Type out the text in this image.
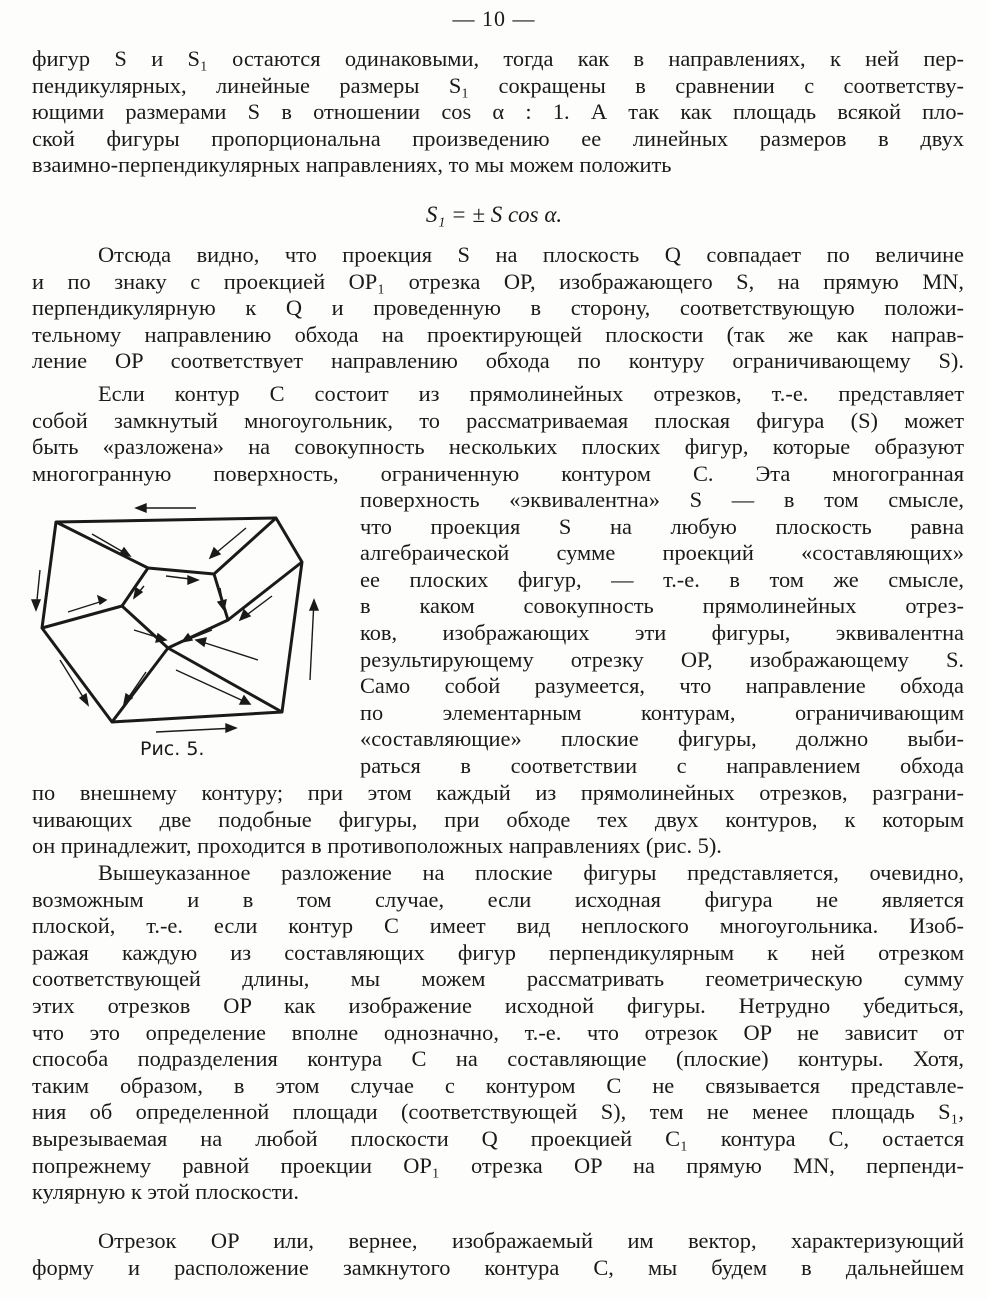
— 10 —
фигур S и S₁ остаются одинаковыми, тогда как в направлениях, к ней пер-
пендикулярных, линейные размеры S₁ сокращены в сравнении с соответству-
ющими размерами S в отношении cos α : 1. А так как площадь всякой пло-
ской фигуры пропорциональна произведению ее линейных размеров в двух
взаимно-перпендикулярных направлениях, то мы можем положить
S₁ = ± S cos α.
Отсюда видно, что проекция S на плоскость Q совпадает по величине
и по знаку с проекцией OP₁ отрезка OP, изображающего S, на прямую MN,
перпендикулярную к Q и проведенную в сторону, соответствующую положи-
тельному направлению обхода на проектирующей плоскости (так же как направ-
ление OP соответствует направлению обхода по контуру ограничивающему S).
Если контур C состоит из прямолинейных отрезков, т.-е. представляет
собой замкнутый многоугольник, то рассматриваемая плоская фигура (S) может
быть «разложена» на совокупность нескольких плоских фигур, которые образуют
многогранную поверхность, ограниченную контуром C. Эта многогранная
Рис. 5.
поверхность «эквивалентна» S — в том смысле,
что проекция S на любую плоскость равна
алгебраической сумме проекций «составляющих»
ее плоских фигур, — т.-е. в том же смысле,
в каком совокупность прямолинейных отрез-
ков, изображающих эти фигуры, эквивалентна
результирующему отрезку OP, изображающему S.
Само собой разумеется, что направление обхода
по элементарным контурам, ограничивающим
«составляющие» плоские фигуры, должно выби-
раться в соответствии с направлением обхода
по внешнему контуру; при этом каждый из прямолинейных отрезков, разграни-
чивающих две подобные фигуры, при обходе тех двух контуров, к которым
он принадлежит, проходится в противоположных направлениях (рис. 5).
Вышеуказанное разложение на плоские фигуры представляется, очевидно,
возможным и в том случае, если исходная фигура не является
плоской, т.-е. если контур C имеет вид неплоского многоугольника. Изоб-
ражая каждую из составляющих фигур перпендикулярным к ней отрезком
соответствующей длины, мы можем рассматривать геометрическую сумму
этих отрезков OP как изображение исходной фигуры. Нетрудно убедиться,
что это определение вполне однозначно, т.-е. что отрезок OP не зависит от
способа подразделения контура C на составляющие (плоские) контуры. Хотя,
таким образом, в этом случае с контуром C не связывается представле-
ния об определенной площади (соответствующей S), тем не менее площадь S₁,
вырезываемая на любой плоскости Q проекцией C₁ контура C, остается
попрежнему равной проекции OP₁ отрезка OP на прямую MN, перпенди-
кулярную к этой плоскости.
Отрезок OP или, вернее, изображаемый им вектор, характеризующий
форму и расположение замкнутого контура C, мы будем в дальнейшем
